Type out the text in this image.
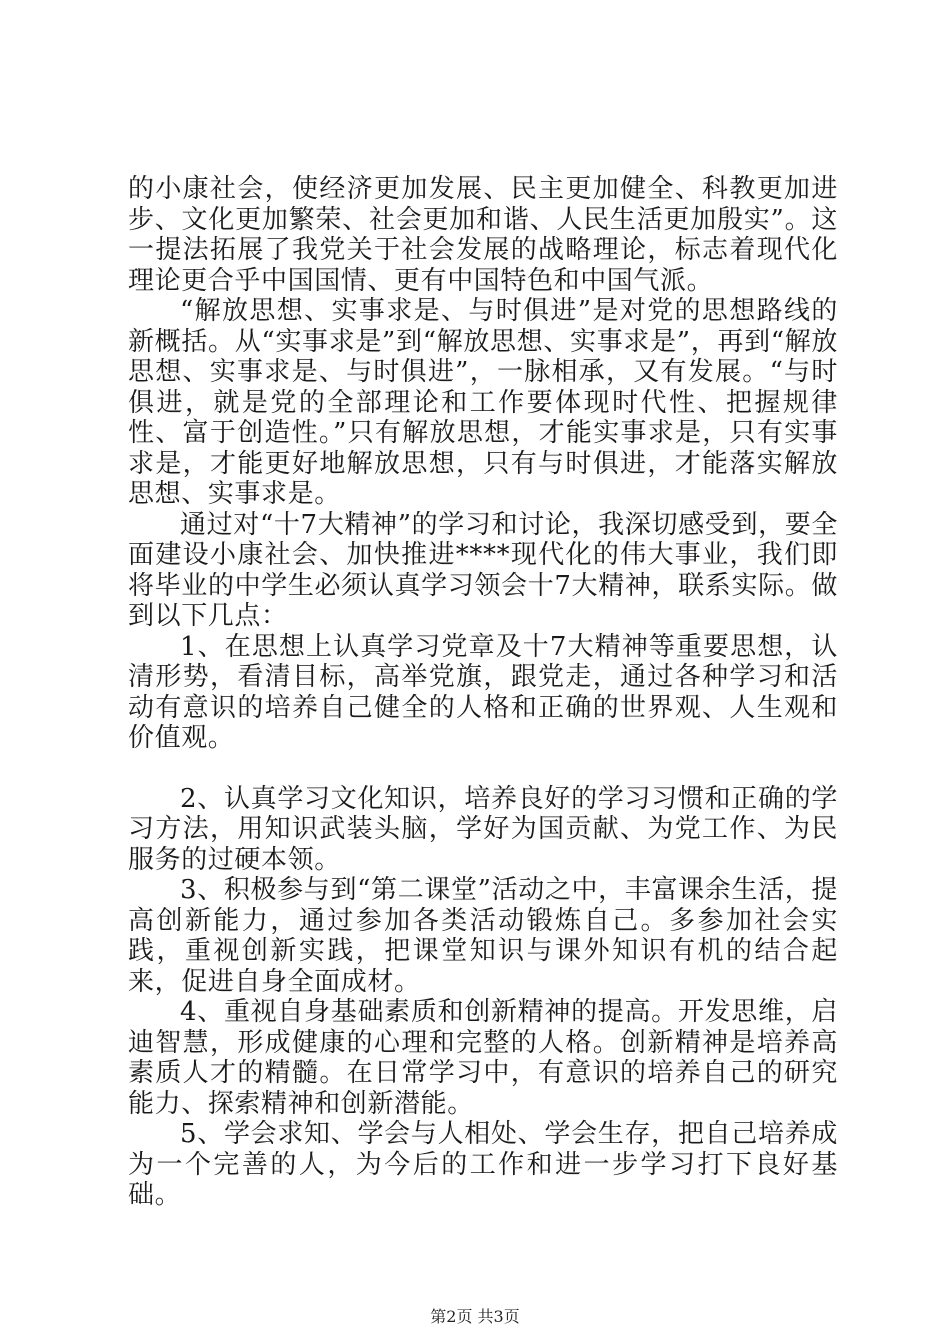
的小康社会，使经济更加发展、民主更加健全、科教更加进步、文化更加繁荣、社会更加和谐、人民生活更加殷实”。这一提法拓展了我党关于社会发展的战略理论，标志着现代化理论更合乎中国国情、更有中国特色和中国气派。

“解放思想、实事求是、与时俱进”是对党的思想路线的新概括。从“实事求是”到“解放思想、实事求是”，再到“解放思想、实事求是、与时俱进”，一脉相承，又有发展。“与时俱进，就是党的全部理论和工作要体现时代性、把握规律性、富于创造性。”只有解放思想，才能实事求是，只有实事求是，才能更好地解放思想，只有与时俱进，才能落实解放思想、实事求是。

通过对“十7大精神”的学习和讨论，我深切感受到，要全面建设小康社会、加快推进****现代化的伟大事业，我们即将毕业的中学生必须认真学习领会十7大精神，联系实际。做到以下几点：

1、在思想上认真学习党章及十7大精神等重要思想，认清形势，看清目标，高举党旗，跟党走，通过各种学习和活动有意识的培养自己健全的人格和正确的世界观、人生观和价值观。

2、认真学习文化知识，培养良好的学习习惯和正确的学习方法，用知识武装头脑，学好为国贡献、为党工作、为民服务的过硬本领。

3、积极参与到“第二课堂”活动之中，丰富课余生活，提高创新能力，通过参加各类活动锻炼自己。多参加社会实践，重视创新实践，把课堂知识与课外知识有机的结合起来，促进自身全面成材。

4、重视自身基础素质和创新精神的提高。开发思维，启迪智慧，形成健康的心理和完整的人格。创新精神是培养高素质人才的精髓。在日常学习中，有意识的培养自己的研究能力、探索精神和创新潜能。

5、学会求知、学会与人相处、学会生存，把自己培养成为一个完善的人，为今后的工作和进一步学习打下良好基础。

第2页 共3页
